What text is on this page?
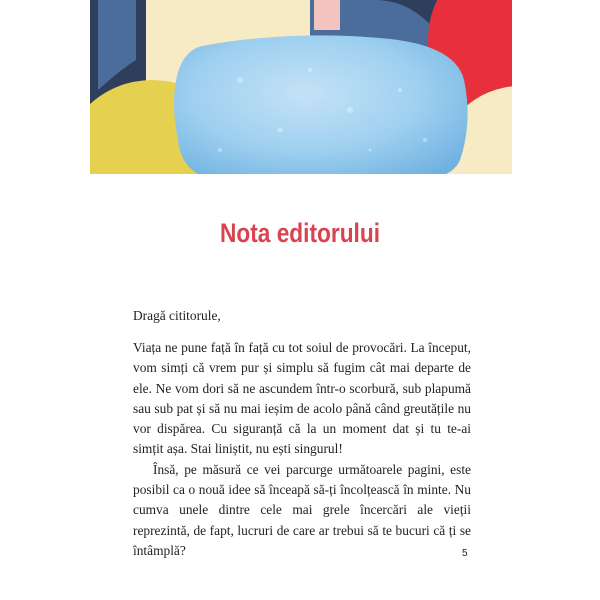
Nota editorului

Dragă cititorule,

Viața ne pune față în față cu tot soiul de provocări. La început, vom simți că vrem pur și simplu să fugim cât mai departe de ele. Ne vom dori să ne ascundem într-o scorbură, sub plapumă sau sub pat și să nu mai ieșim de acolo până când greutățile nu vor dispărea. Cu siguranță că la un moment dat și tu te-ai simțit așa. Stai liniștit, nu ești singurul!

Însă, pe măsură ce vei parcurge următoarele pagini, este posibil ca o nouă idee să înceapă să-ți încolțească în minte. Nu cumva unele dintre cele mai grele încercări ale vieții reprezintă, de fapt, lucruri de care ar trebui să te bucuri că ți se întâmplă?	5
